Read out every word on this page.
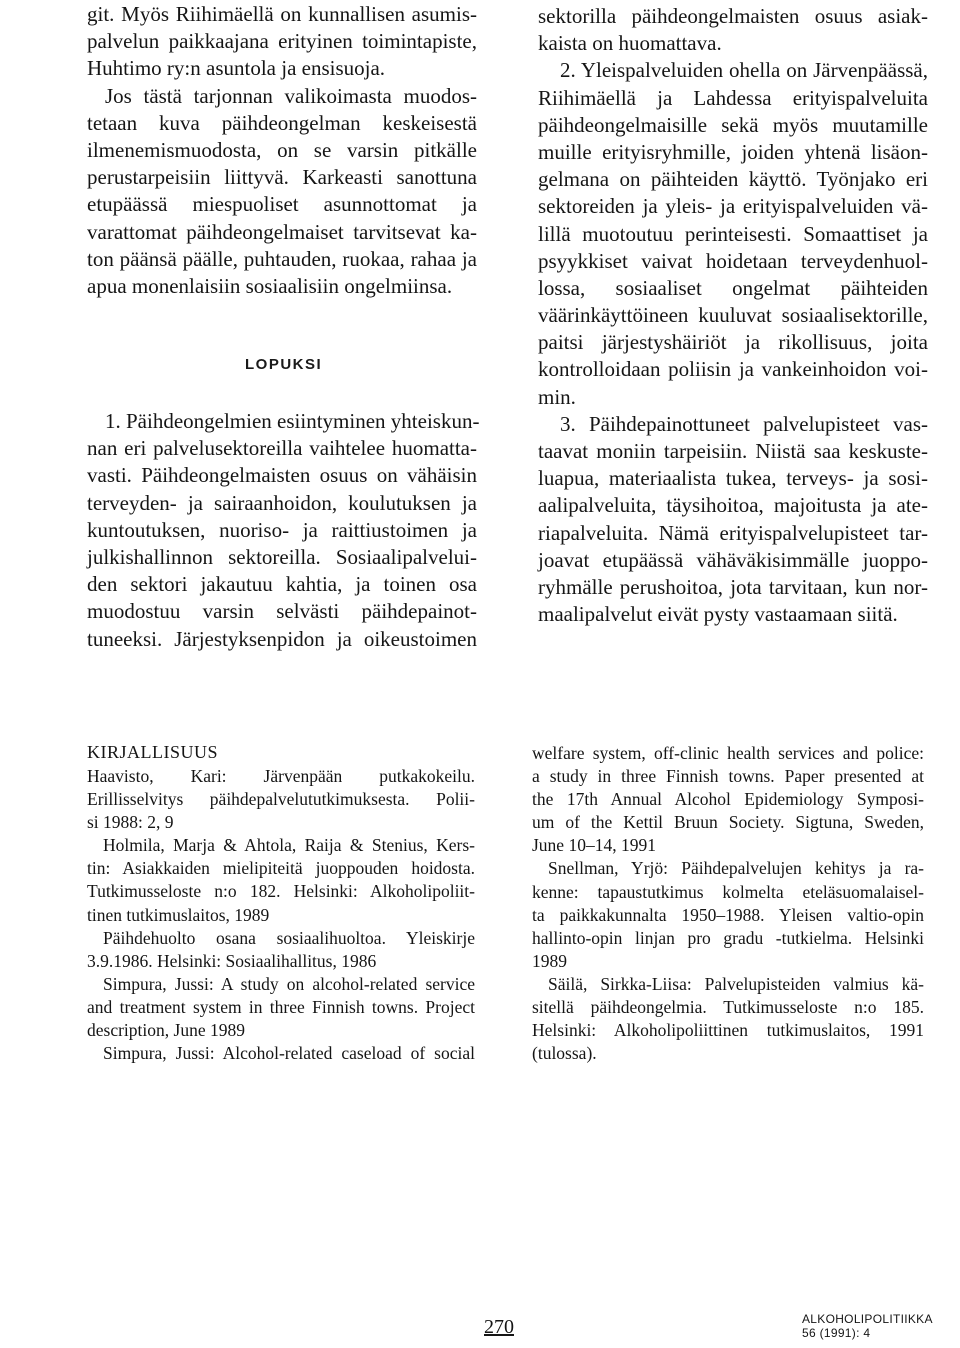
git. Myös Riihimäellä on kunnallisen asumis-
palvelun paikkaajana erityinen toimintapiste,
Huhtimo ry:n asuntola ja ensisuoja.
Jos tästä tarjonnan valikoimasta muodos-
tetaan kuva päihdeongelman keskeisestä
ilmenemismuodosta, on se varsin pitkälle
perustarpeisiin liittyvä. Karkeasti sanottuna
etupäässä miespuoliset asunnottomat ja
varattomat päihdeongelmaiset tarvitsevat ka-
ton päänsä päälle, puhtauden, ruokaa, rahaa ja
apua monenlaisiin sosiaalisiin ongelmiinsa.
LOPUKSI
1. Päihdeongelmien esiintyminen yhteiskun-
nan eri palvelusektoreilla vaihtelee huomatta-
vasti. Päihdeongelmaisten osuus on vähäisin
terveyden- ja sairaanhoidon, koulutuksen ja
kuntoutuksen, nuoriso- ja raittiustoimen ja
julkishallinnon sektoreilla. Sosiaalipalvelui-
den sektori jakautuu kahtia, ja toinen osa
muodostuu varsin selvästi päihdepainot-
tuneeksi. Järjestyksenpidon ja oikeustoimen
sektorilla päihdeongelmaisten osuus asiak-
kaista on huomattava.
2. Yleispalveluiden ohella on Järvenpäässä,
Riihimäellä ja Lahdessa erityispalveluita
päihdeongelmaisille sekä myös muutamille
muille erityisryhmille, joiden yhtenä lisäon-
gelmana on päihteiden käyttö. Työnjako eri
sektoreiden ja yleis- ja erityispalveluiden vä-
lillä muotoutuu perinteisesti. Somaattiset ja
psyykkiset vaivat hoidetaan terveydenhuol-
lossa, sosiaaliset ongelmat päihteiden
väärinkäyttöineen kuuluvat sosiaalisektorille,
paitsi järjestyshäiriöt ja rikollisuus, joita
kontrolloidaan poliisin ja vankeinhoidon voi-
min.
3. Päihdepainottuneet palvelupisteet vas-
taavat moniin tarpeisiin. Niistä saa keskuste-
luapua, materiaalista tukea, terveys- ja sosi-
aalipalveluita, täysihoitoa, majoitusta ja ate-
riapalveluita. Nämä erityispalvelupisteet tar-
joavat etupäässä vähäväkisimmälle juoppo-
ryhmälle perushoitoa, jota tarvitaan, kun nor-
maalipalvelut eivät pysty vastaamaan siitä.
KIRJALLISUUS
Haavisto, Kari: Järvenpään putkakokeilu.
Erillisselvitys päihdepalvelututkimuksesta. Polii-
si 1988: 2, 9
Holmila, Marja & Ahtola, Raija & Stenius, Kers-
tin: Asiakkaiden mielipiteitä juoppouden hoidosta.
Tutkimusseloste n:o 182. Helsinki: Alkoholipoliit-
tinen tutkimuslaitos, 1989
Päihdehuolto osana sosiaalihuoltoa. Yleiskirje
3.9.1986. Helsinki: Sosiaalihallitus, 1986
Simpura, Jussi: A study on alcohol-related service
and treatment system in three Finnish towns. Project
description, June 1989
Simpura, Jussi: Alcohol-related caseload of social
welfare system, off-clinic health services and police:
a study in three Finnish towns. Paper presented at
the 17th Annual Alcohol Epidemiology Symposi-
um of the Kettil Bruun Society. Sigtuna, Sweden,
June 10–14, 1991
Snellman, Yrjö: Päihdepalvelujen kehitys ja ra-
kenne: tapaustutkimus kolmelta eteläsuomalaisel-
ta paikkakunnalta 1950–1988. Yleisen valtio-opin
hallinto-opin linjan pro gradu -tutkielma. Helsinki
1989
Säilä, Sirkka-Liisa: Palvelupisteiden valmius kä-
sitellä päihdeongelmia. Tutkimusseloste n:o 185.
Helsinki: Alkoholipoliittinen tutkimuslaitos, 1991
(tulossa).
270	ALKOHOLIPOLITIIKKA
56 (1991): 4
